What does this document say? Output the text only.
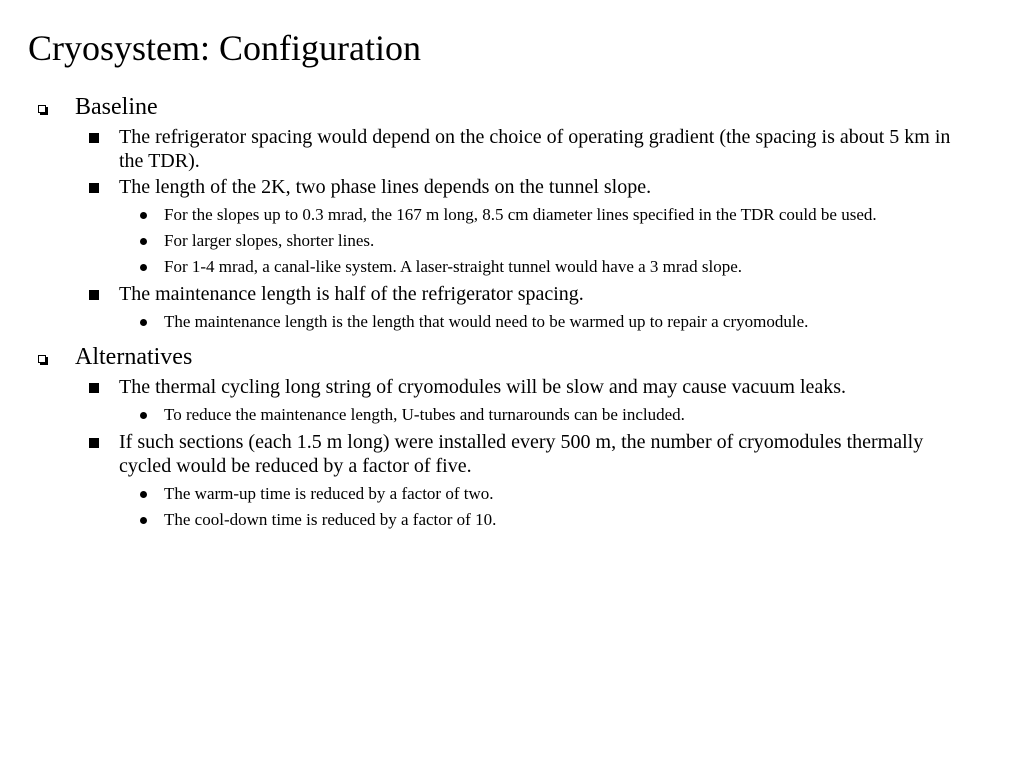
Cryosystem: Configuration
Baseline
The refrigerator spacing would depend on the choice of operating gradient (the spacing is about 5 km in the TDR).
The length of the 2K, two phase lines depends on the tunnel slope.
For the slopes up to 0.3 mrad, the 167 m long, 8.5 cm diameter lines specified in the TDR could be used.
For larger slopes, shorter lines.
For 1-4 mrad, a canal-like system. A laser-straight tunnel would have a 3 mrad slope.
The maintenance length is half of the refrigerator spacing.
The maintenance length is the length that would need to be warmed up to repair a cryomodule.
Alternatives
The thermal cycling long string of cryomodules will be slow and may cause vacuum leaks.
To reduce the maintenance length, U-tubes and turnarounds can be included.
If such sections (each 1.5 m long) were installed every 500 m, the number of cryomodules thermally cycled would be reduced by a factor of five.
The warm-up time is reduced by a factor of two.
The cool-down time is reduced by a factor of 10.
